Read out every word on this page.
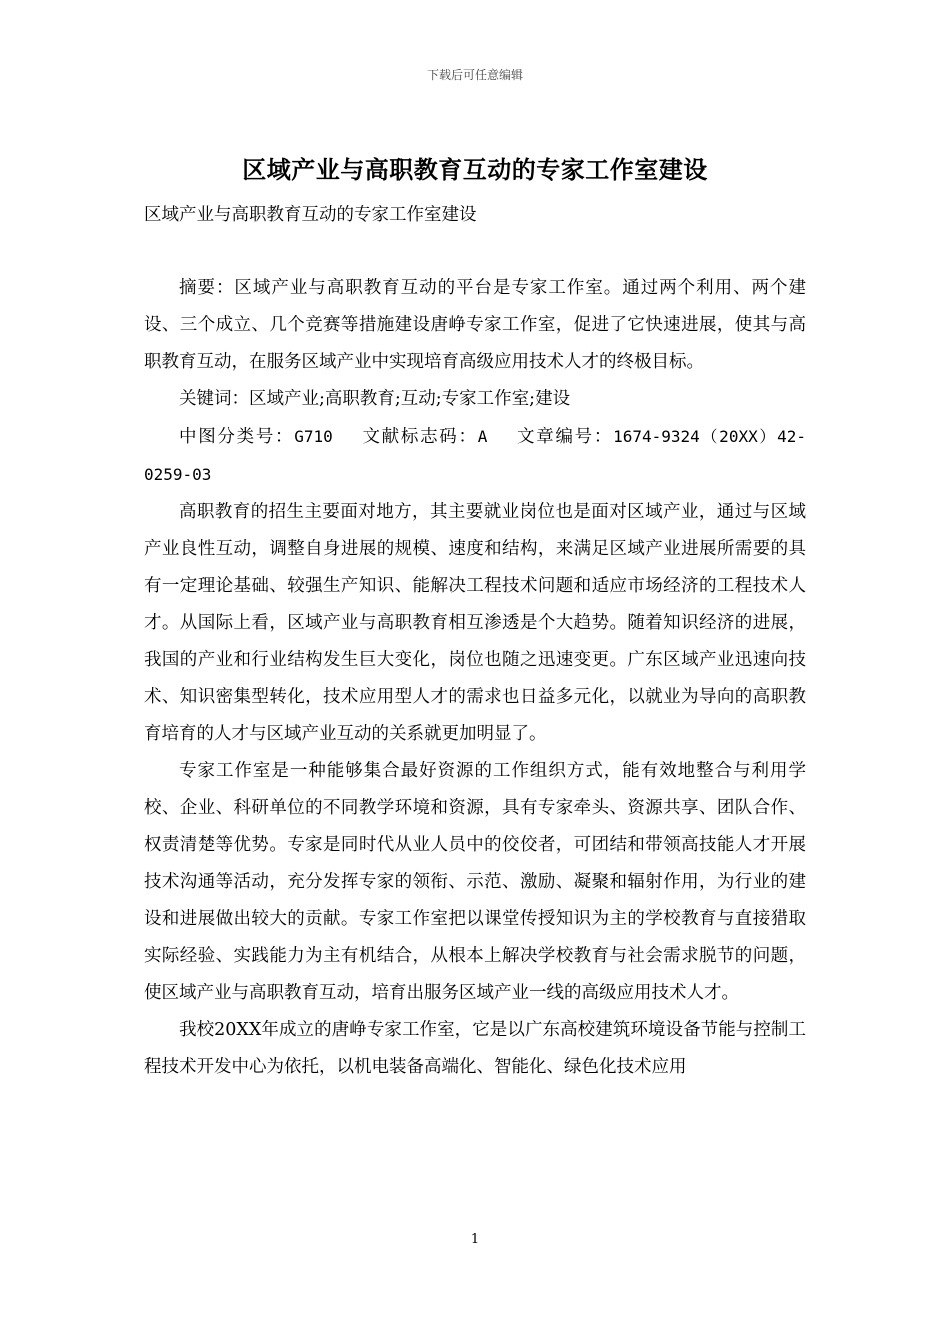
下载后可任意编辑
区域产业与高职教育互动的专家工作室建设

区域产业与高职教育互动的专家工作室建设

摘要：区域产业与高职教育互动的平台是专家工作室。通过两个利用、两个建设、三个成立、几个竞赛等措施建设唐峥专家工作室，促进了它快速进展，使其与高职教育互动，在服务区域产业中实现培育高级应用技术人才的终极目标。

关键词：区域产业;高职教育;互动;专家工作室;建设

中图分类号：G710 文献标志码：A 文章编号：1674-9324（20XX）42-0259-03

高职教育的招生主要面对地方，其主要就业岗位也是面对区域产业，通过与区域产业良性互动，调整自身进展的规模、速度和结构，来满足区域产业进展所需要的具有一定理论基础、较强生产知识、能解决工程技术问题和适应市场经济的工程技术人才。从国际上看，区域产业与高职教育相互渗透是个大趋势。随着知识经济的进展，我国的产业和行业结构发生巨大变化，岗位也随之迅速变更。广东区域产业迅速向技术、知识密集型转化，技术应用型人才的需求也日益多元化，以就业为导向的高职教育培育的人才与区域产业互动的关系就更加明显了。

专家工作室是一种能够集合最好资源的工作组织方式，能有效地整合与利用学校、企业、科研单位的不同教学环境和资源，具有专家牵头、资源共享、团队合作、权责清楚等优势。专家是同时代从业人员中的佼佼者，可团结和带领高技能人才开展技术沟通等活动，充分发挥专家的领衔、示范、激励、凝聚和辐射作用，为行业的建设和进展做出较大的贡献。专家工作室把以课堂传授知识为主的学校教育与直接猎取实际经验、实践能力为主有机结合，从根本上解决学校教育与社会需求脱节的问题，使区域产业与高职教育互动，培育出服务区域产业一线的高级应用技术人才。

我校20XX年成立的唐峥专家工作室，它是以广东高校建筑环境设备节能与控制工程技术开发中心为依托，以机电装备高端化、智能化、绿色化技术应用

1
